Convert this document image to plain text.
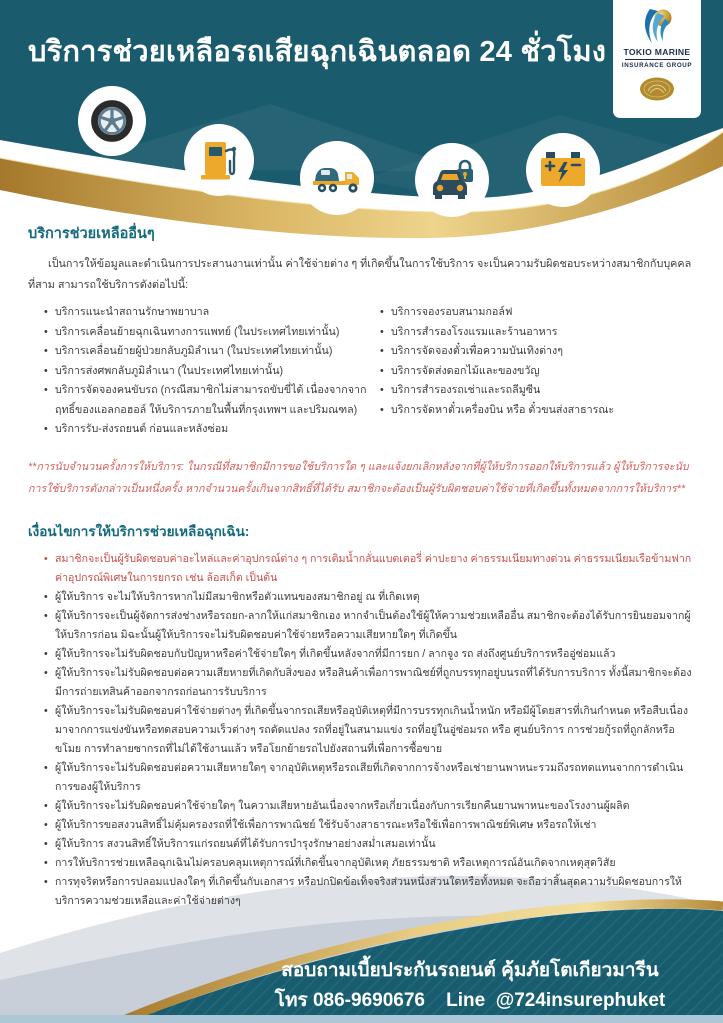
บริการช่วยเหลือรถเสียฉุกเฉินตลอด 24 ชั่วโมง TOKIO MARINE
INSURANCE GROUP
บริการช่วยเหลืออื่นๆ

เป็นการให้ข้อมูลและดำเนินการประสานงานเท่านั้น ค่าใช้จ่ายต่าง ๆ ที่เกิดขึ้นในการใช้บริการ จะเป็นความรับผิดชอบระหว่างสมาชิกกับบุคคลที่สาม สามารถใช้บริการดังต่อไปนี้:

• บริการแนะนำสถานรักษาพยาบาล
• บริการเคลื่อนย้ายฉุกเฉินทางการแพทย์ (ในประเทศไทยเท่านั้น)
• บริการเคลื่อนย้ายผู้ป่วยกลับภูมิลำเนา (ในประเทศไทยเท่านั้น)
• บริการส่งศพกลับภูมิลำเนา (ในประเทศไทยเท่านั้น)
• บริการจัดจองคนขับรถ (กรณีสมาชิกไม่สามารถขับขี่ได้ เนื่องจากจากฤทธิ์ของแอลกอฮอล์ ให้บริการภายในพื้นที่กรุงเทพฯ และปริมณฑล)
• บริการรับ-ส่งรถยนต์ ก่อนและหลังซ่อม
• บริการจองรอบสนามกอล์ฟ
• บริการสำรองโรงแรมและร้านอาหาร
• บริการจัดจองตั๋วเพื่อความบันเทิงต่างๆ
• บริการจัดส่งดอกไม้และของขวัญ
• บริการสำรองรถเช่าและรถลีมูซีน
• บริการจัดหาตั๋วเครื่องบิน หรือ ตั๋วขนส่งสาธารณะ

**การนับจำนวนครั้งการให้บริการ: ในกรณีที่สมาชิกมีการขอใช้บริการใด ๆ และแจ้งยกเลิกหลังจากที่ผู้ให้บริการออกให้บริการแล้ว ผู้ให้บริการจะนับการใช้บริการดังกล่าวเป็นหนึ่งครั้ง หากจำนวนครั้งเกินจากสิทธิ์ที่ได้รับ สมาชิกจะต้องเป็นผู้รับผิดชอบค่าใช้จ่ายที่เกิดขึ้นทั้งหมดจากการให้บริการ**

เงื่อนไขการให้บริการช่วยเหลือฉุกเฉิน:
• สมาชิกจะเป็นผู้รับผิดชอบค่าอะไหล่และค่าอุปกรณ์ต่าง ๆ การเติมน้ำกลั่นแบตเตอรี่ ค่าปะยาง ค่าธรรมเนียมทางด่วน ค่าธรรมเนียมเรือข้ามฟาก ค่าอุปกรณ์พิเศษในการยกรถ เช่น ล้อสเก็ต เป็นต้น
• ผู้ให้บริการ จะไม่ให้บริการหากไม่มีสมาชิกหรือตัวแทนของสมาชิกอยู่ ณ ที่เกิดเหตุ
• ผู้ให้บริการจะเป็นผู้จัดการส่งช่างหรือรถยก-ลากให้แก่สมาชิกเอง หากจำเป็นต้องใช้ผู้ให้ความช่วยเหลืออื่น สมาชิกจะต้องได้รับการยินยอมจากผู้ให้บริการก่อน มิฉะนั้นผู้ให้บริการจะไม่รับผิดชอบค่าใช้จ่ายหรือความเสียหายใดๆ ที่เกิดขึ้น
• ผู้ให้บริการจะไม่รับผิดชอบกับปัญหาหรือค่าใช้จ่ายใดๆ ที่เกิดขึ้นหลังจากที่มีการยก / ลากจูง รถ ส่งถึงศูนย์บริการหรืออู่ซ่อมแล้ว
• ผู้ให้บริการจะไม่รับผิดชอบต่อความเสียหายที่เกิดกับสิ่งของ หรือสินค้าเพื่อการพาณิชย์ที่ถูกบรรทุกอยู่บนรถที่ได้รับการบริการ ทั้งนี้สมาชิกจะต้องมีการถ่ายเทสินค้าออกจากรถก่อนการรับบริการ
• ผู้ให้บริการจะไม่รับผิดชอบค่าใช้จ่ายต่างๆ ที่เกิดขึ้นจากรถเสียหรืออุบัติเหตุที่มีการบรรทุกเกินน้ำหนัก หรือมีผู้โดยสารที่เกินกำหนด หรือสืบเนื่องมาจากการแข่งขันหรือทดสอบความเร็วต่างๆ รถดัดแปลง รถที่อยู่ในสนามแข่ง รถที่อยู่ในอู่ซ่อมรถ หรือ ศูนย์บริการ การช่วยกู้รถที่ถูกลักหรือขโมย การทำลายซากรถที่ไม่ได้ใช้งานแล้ว หรือโยกย้ายรถไปยังสถานที่เพื่อการซื้อขาย
• ผู้ให้บริการจะไม่รับผิดชอบต่อความเสียหายใดๆ จากอุบัติเหตุหรือรถเสียที่เกิดจากการจ้างหรือเช่ายานพาหนะรวมถึงรถทดแทนจากการดำเนินการของผู้ให้บริการ
• ผู้ให้บริการจะไม่รับผิดชอบค่าใช้จ่ายใดๆ ในความเสียหายอันเนื่องจากหรือเกี่ยวเนื่องกับการเรียกคืนยานพาหนะของโรงงานผู้ผลิต
• ผู้ให้บริการขอสงวนสิทธิ์ไม่คุ้มครองรถที่ใช้เพื่อการพาณิชย์ ใช้รับจ้างสาธารณะหรือใช้เพื่อการพาณิชย์พิเศษ หรือรถให้เช่า
• ผู้ให้บริการ สงวนสิทธิ์ให้บริการแก่รถยนต์ที่ได้รับการบำรุงรักษาอย่างสม่ำเสมอเท่านั้น
• การให้บริการช่วยเหลือฉุกเฉินไม่ครอบคลุมเหตุการณ์ที่เกิดขึ้นจากอุบัติเหตุ ภัยธรรมชาติ หรือเหตุการณ์อันเกิดจากเหตุสุดวิสัย
• การทุจริตหรือการปลอมแปลงใดๆ ที่เกิดขึ้นกับเอกสาร หรือปกปิดข้อเท็จจริงส่วนหนึ่งส่วนใดหรือทั้งหมด จะถือว่าสิ้นสุดความรับผิดชอบการให้บริการความช่วยเหลือและค่าใช้จ่ายต่างๆ
สอบถามเบี้ยประกันรถยนต์ คุ้มภัยโตเกียวมารีน
โทร 086-9690676    Line  @724insurephuket
